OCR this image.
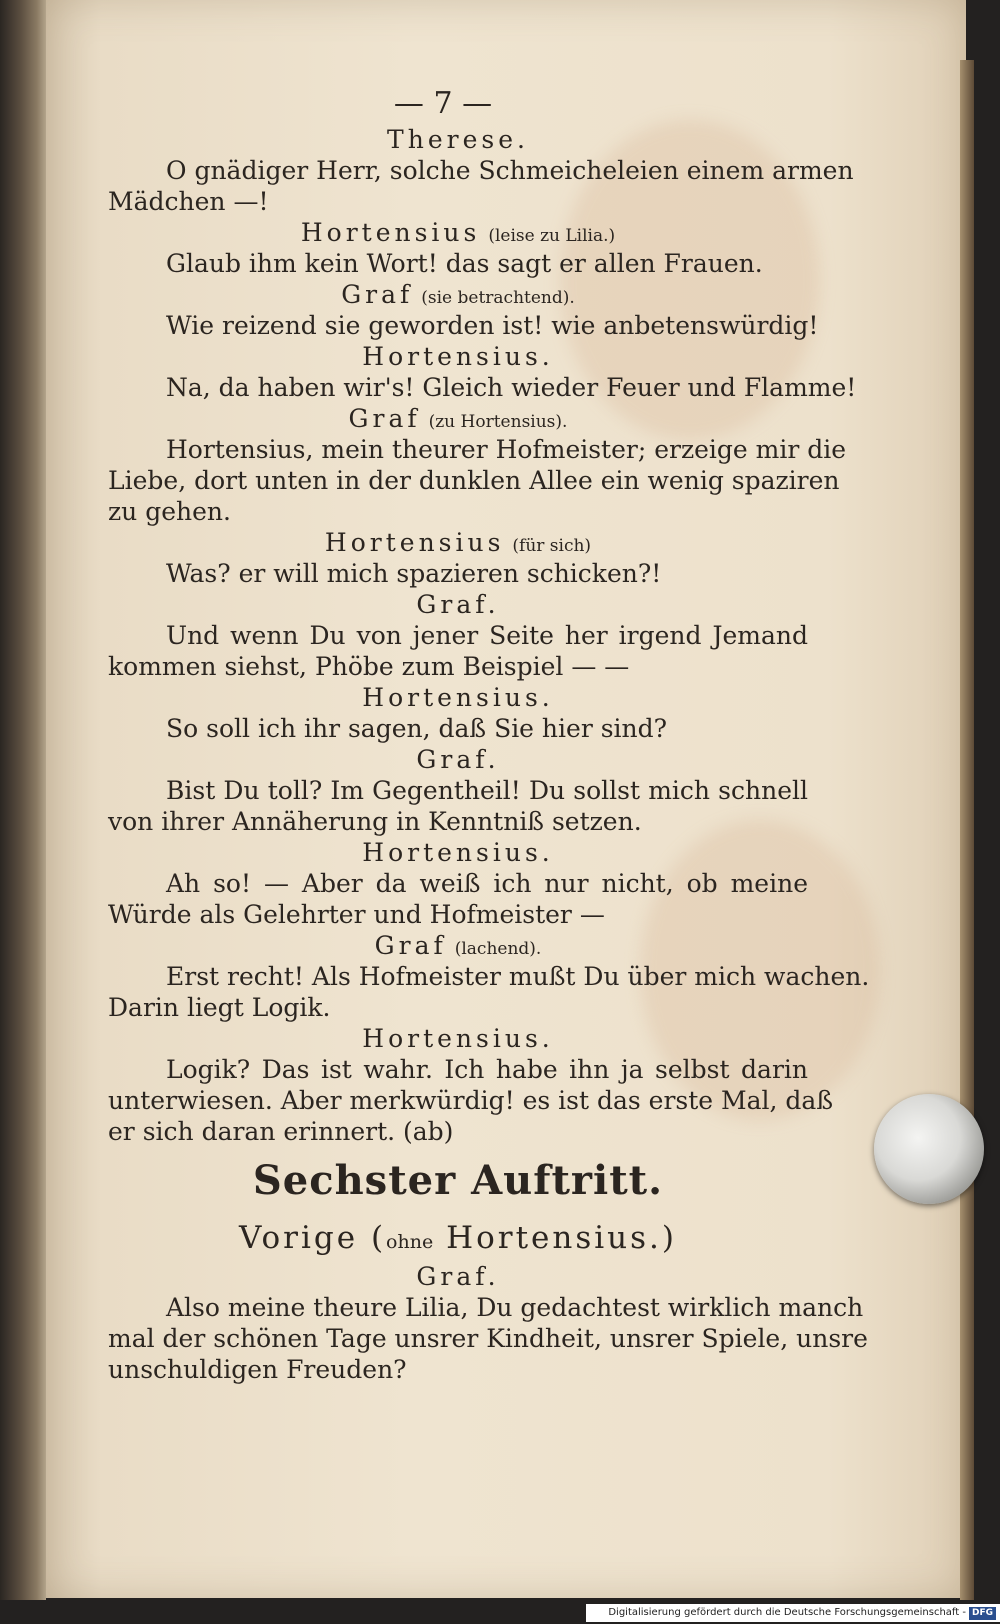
— 7 —
Therese.
O gnädiger Herr, solche Schmeicheleien einem armen
Mädchen —!
Hortensius (leise zu Lilia.)
Glaub ihm kein Wort! das sagt er allen Frauen.
Graf (sie betrachtend).
Wie reizend sie geworden ist! wie anbetenswürdig!
Hortensius.
Na, da haben wir's! Gleich wieder Feuer und Flamme!
Graf (zu Hortensius).
Hortensius, mein theurer Hofmeister; erzeige mir die
Liebe, dort unten in der dunklen Allee ein wenig spaziren
zu gehen.
Hortensius (für sich)
Was? er will mich spazieren schicken?!
Graf.
Und wenn Du von jener Seite her irgend Jemand
kommen siehst, Phöbe zum Beispiel — —
Hortensius.
So soll ich ihr sagen, daß Sie hier sind?
Graf.
Bist Du toll? Im Gegentheil! Du sollst mich schnell
von ihrer Annäherung in Kenntniß setzen.
Hortensius.
Ah so! — Aber da weiß ich nur nicht, ob meine
Würde als Gelehrter und Hofmeister —
Graf (lachend).
Erst recht! Als Hofmeister mußt Du über mich wachen.
Darin liegt Logik.
Hortensius.
Logik? Das ist wahr. Ich habe ihn ja selbst darin
unterwiesen. Aber merkwürdig! es ist das erste Mal, daß
er sich daran erinnert. (ab)
Sechster Auftritt.
Vorige (ohne Hortensius.)
Graf.
Also meine theure Lilia, Du gedachtest wirklich manch
mal der schönen Tage unsrer Kindheit, unsrer Spiele, unsre
unschuldigen Freuden?
Digitalisierung gefördert durch die Deutsche Forschungsgemeinschaft - DFG
